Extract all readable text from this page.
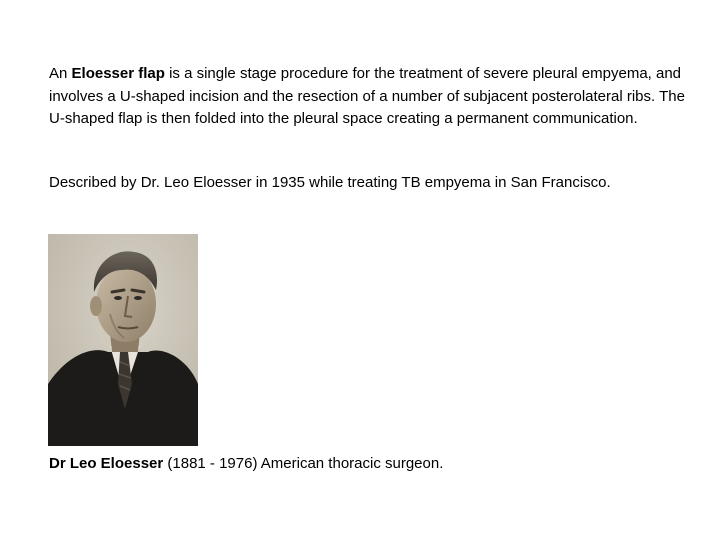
An Eloesser flap is a single stage procedure for the treatment of severe pleural empyema, and involves a U-shaped incision and the resection of a number of subjacent posterolateral ribs. The U-shaped flap is then folded into the pleural space creating a permanent communication.

Described by Dr. Leo Eloesser in 1935 while treating TB empyema in San Francisco.

Dr Leo Eloesser (1881 - 1976) American thoracic surgeon.
